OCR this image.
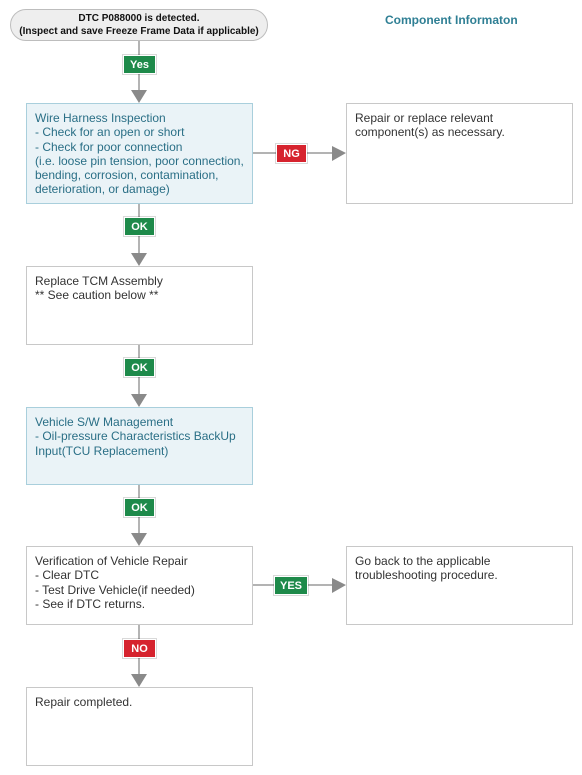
DTC P088000 is detected.
(Inspect and save Freeze Frame Data if applicable)
Component Informaton
Yes
Wire Harness Inspection
- Check for an open or short
- Check for poor connection
(i.e. loose pin tension, poor connection,
bending, corrosion, contamination,
deterioration, or damage)
NG
Repair or replace relevant
component(s) as necessary.
OK
Replace TCM Assembly
** See caution below **
OK
Vehicle S/W Management
- Oil-pressure Characteristics BackUp
Input(TCU Replacement)
OK
Verification of Vehicle Repair
- Clear DTC
- Test Drive Vehicle(if needed)
- See if DTC returns.
YES
Go back to the applicable
troubleshooting procedure.
NO
Repair completed.
